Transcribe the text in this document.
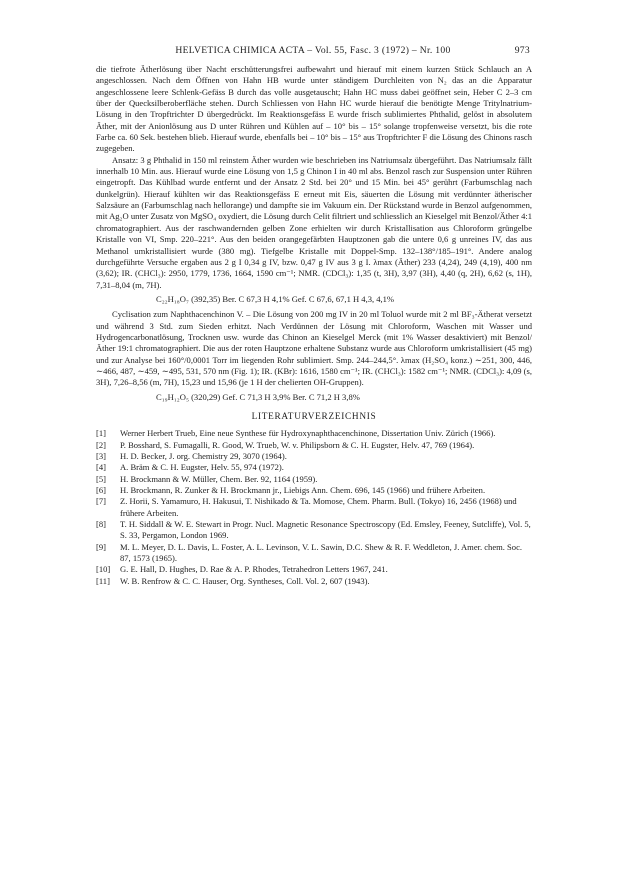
HELVETICA CHIMICA ACTA – Vol. 55, Fasc. 3 (1972) – Nr. 100	973

die tiefrote Ätherlösung über Nacht erschütterungsfrei aufbewahrt und hierauf mit einem kurzen Stück Schlauch an A angeschlossen. Nach dem Öffnen von Hahn HB wurde unter ständigem Durchleiten von N₂ das an die Apparatur angeschlossene leere Schlenk-Gefäss B durch das volle ausgetauscht; Hahn HC muss dabei geöffnet sein, Heber C 2–3 cm über der Quecksilberoberfläche stehen. Durch Schliessen von Hahn HC wurde hierauf die benötigte Menge Tritylnatrium-Lösung in den Tropftrichter D übergedrückt. Im Reaktionsgefäss E wurde frisch sublimiertes Phthalid, gelöst in absolutem Äther, mit der Anionlösung aus D unter Rühren und Kühlen auf – 10° bis – 15° solange tropfenweise versetzt, bis die rote Farbe ca. 60 Sek. bestehen blieb. Hierauf wurde, ebenfalls bei – 10° bis – 15° aus Tropftrichter F die Lösung des Chinons rasch zugegeben.

Ansatz: 3 g Phthalid in 150 ml reinstem Äther wurden wie beschrieben ins Natriumsalz übergeführt. Das Natriumsalz fällt innerhalb 10 Min. aus. Hierauf wurde eine Lösung von 1,5 g Chinon I in 40 ml abs. Benzol rasch zur Suspension unter Rühren eingetropft. Das Kühlbad wurde entfernt und der Ansatz 2 Std. bei 20° und 15 Min. bei 45° gerührt (Farbumschlag nach dunkelgrün). Hierauf kühlten wir das Reaktionsgefäss E erneut mit Eis, säuerten die Lösung mit verdünnter ätherischer Salzsäure an (Farbumschlag nach hellorange) und dampfte sie im Vakuum ein. Der Rückstand wurde in Benzol aufgenommen, mit Ag₂O unter Zusatz von MgSO₄ oxydiert, die Lösung durch Celit filtriert und schliesslich an Kieselgel mit Benzol/Äther 4:1 chromatographiert. Aus der raschwandernden gelben Zone erhielten wir durch Kristallisation aus Chloroform grüngelbe Kristalle von VI, Smp. 220–221°. Aus den beiden orangegefärbten Hauptzonen gab die untere 0,6 g unreines IV, das aus Methanol umkristallisiert wurde (380 mg). Tiefgelbe Kristalle mit Doppel-Smp. 132–138°/185–191°. Andere analog durchgeführte Versuche ergaben aus 2 g I 0,34 g IV, bzw. 0,47 g IV aus 3 g I. λmax (Äther) 233 (4,24), 249 (4,19), 400 nm (3,62); IR. (CHCl₃): 2950, 1779, 1736, 1664, 1590 cm⁻¹; NMR. (CDCl₃): 1,35 (t, 3H), 3,97 (3H), 4,40 (q, 2H), 6,62 (s, 1H), 7,31–8,04 (m, 7H).

C₂₂H₁₈O₇ (392,35) Ber. C 67,3 H 4,1% Gef. C 67,6, 67,1 H 4,3, 4,1%

Cyclisation zum Naphthacenchinon V. – Die Lösung von 200 mg IV in 20 ml Toluol wurde mit 2 ml BF₃-Ätherat versetzt und während 3 Std. zum Sieden erhitzt. Nach Verdünnen der Lösung mit Chloroform, Waschen mit Wasser und Hydrogencarbonatlösung, Trocknen usw. wurde das Chinon an Kieselgel Merck (mit 1% Wasser desaktiviert) mit Benzol/Äther 19:1 chromatographiert. Die aus der roten Hauptzone erhaltene Substanz wurde aus Chloroform umkristallisiert (45 mg) und zur Analyse bei 160°/0,0001 Torr im liegenden Rohr sublimiert. Smp. 244–244,5°. λmax (H₂SO₄ konz.) ∼251, 300, 446, ∼466, 487, ∼459, ∼495, 531, 570 nm (Fig. 1); IR. (KBr): 1616, 1580 cm⁻¹; IR. (CHCl₃): 1582 cm⁻¹; NMR. (CDCl₃): 4,09 (s, 3H), 7,26–8,56 (m, 7H), 15,23 und 15,96 (je 1 H der chelierten OH-Gruppen).

C₁₉H₁₂O₅ (320,29) Gef. C 71,3 H 3,9% Ber. C 71,2 H 3,8%
LITERATURVERZEICHNIS
[1]	Werner Herbert Trueb, Eine neue Synthese für Hydroxynaphthacenchinone, Dissertation Univ. Zürich (1966).
[2]	P. Bosshard, S. Fumagalli, R. Good, W. Trueb, W. v. Philipsborn & C. H. Eugster, Helv. 47, 769 (1964).
[3]	H. D. Becker, J. org. Chemistry 29, 3070 (1964).
[4]	A. Bräm & C. H. Eugster, Helv. 55, 974 (1972).
[5]	H. Brockmann & W. Müller, Chem. Ber. 92, 1164 (1959).
[6]	H. Brockmann, R. Zunker & H. Brockmann jr., Liebigs Ann. Chem. 696, 145 (1966) und frühere Arbeiten.
[7]	Z. Horii, S. Yamamuro, H. Hakusui, T. Nishikado & Ta. Momose, Chem. Pharm. Bull. (Tokyo) 16, 2456 (1968) und frühere Arbeiten.
[8]	T. H. Siddall & W. E. Stewart in Progr. Nucl. Magnetic Resonance Spectroscopy (Ed. Emsley, Feeney, Sutcliffe), Vol. 5, S. 33, Pergamon, London 1969.
[9]	M. L. Meyer, D. L. Davis, L. Foster, A. L. Levinson, V. L. Sawin, D.C. Shew & R. F. Weddleton, J. Amer. chem. Soc. 87, 1573 (1965).
[10]	G. E. Hall, D. Hughes, D. Rae & A. P. Rhodes, Tetrahedron Letters 1967, 241.
[11]	W. B. Renfrow & C. C. Hauser, Org. Syntheses, Coll. Vol. 2, 607 (1943).
